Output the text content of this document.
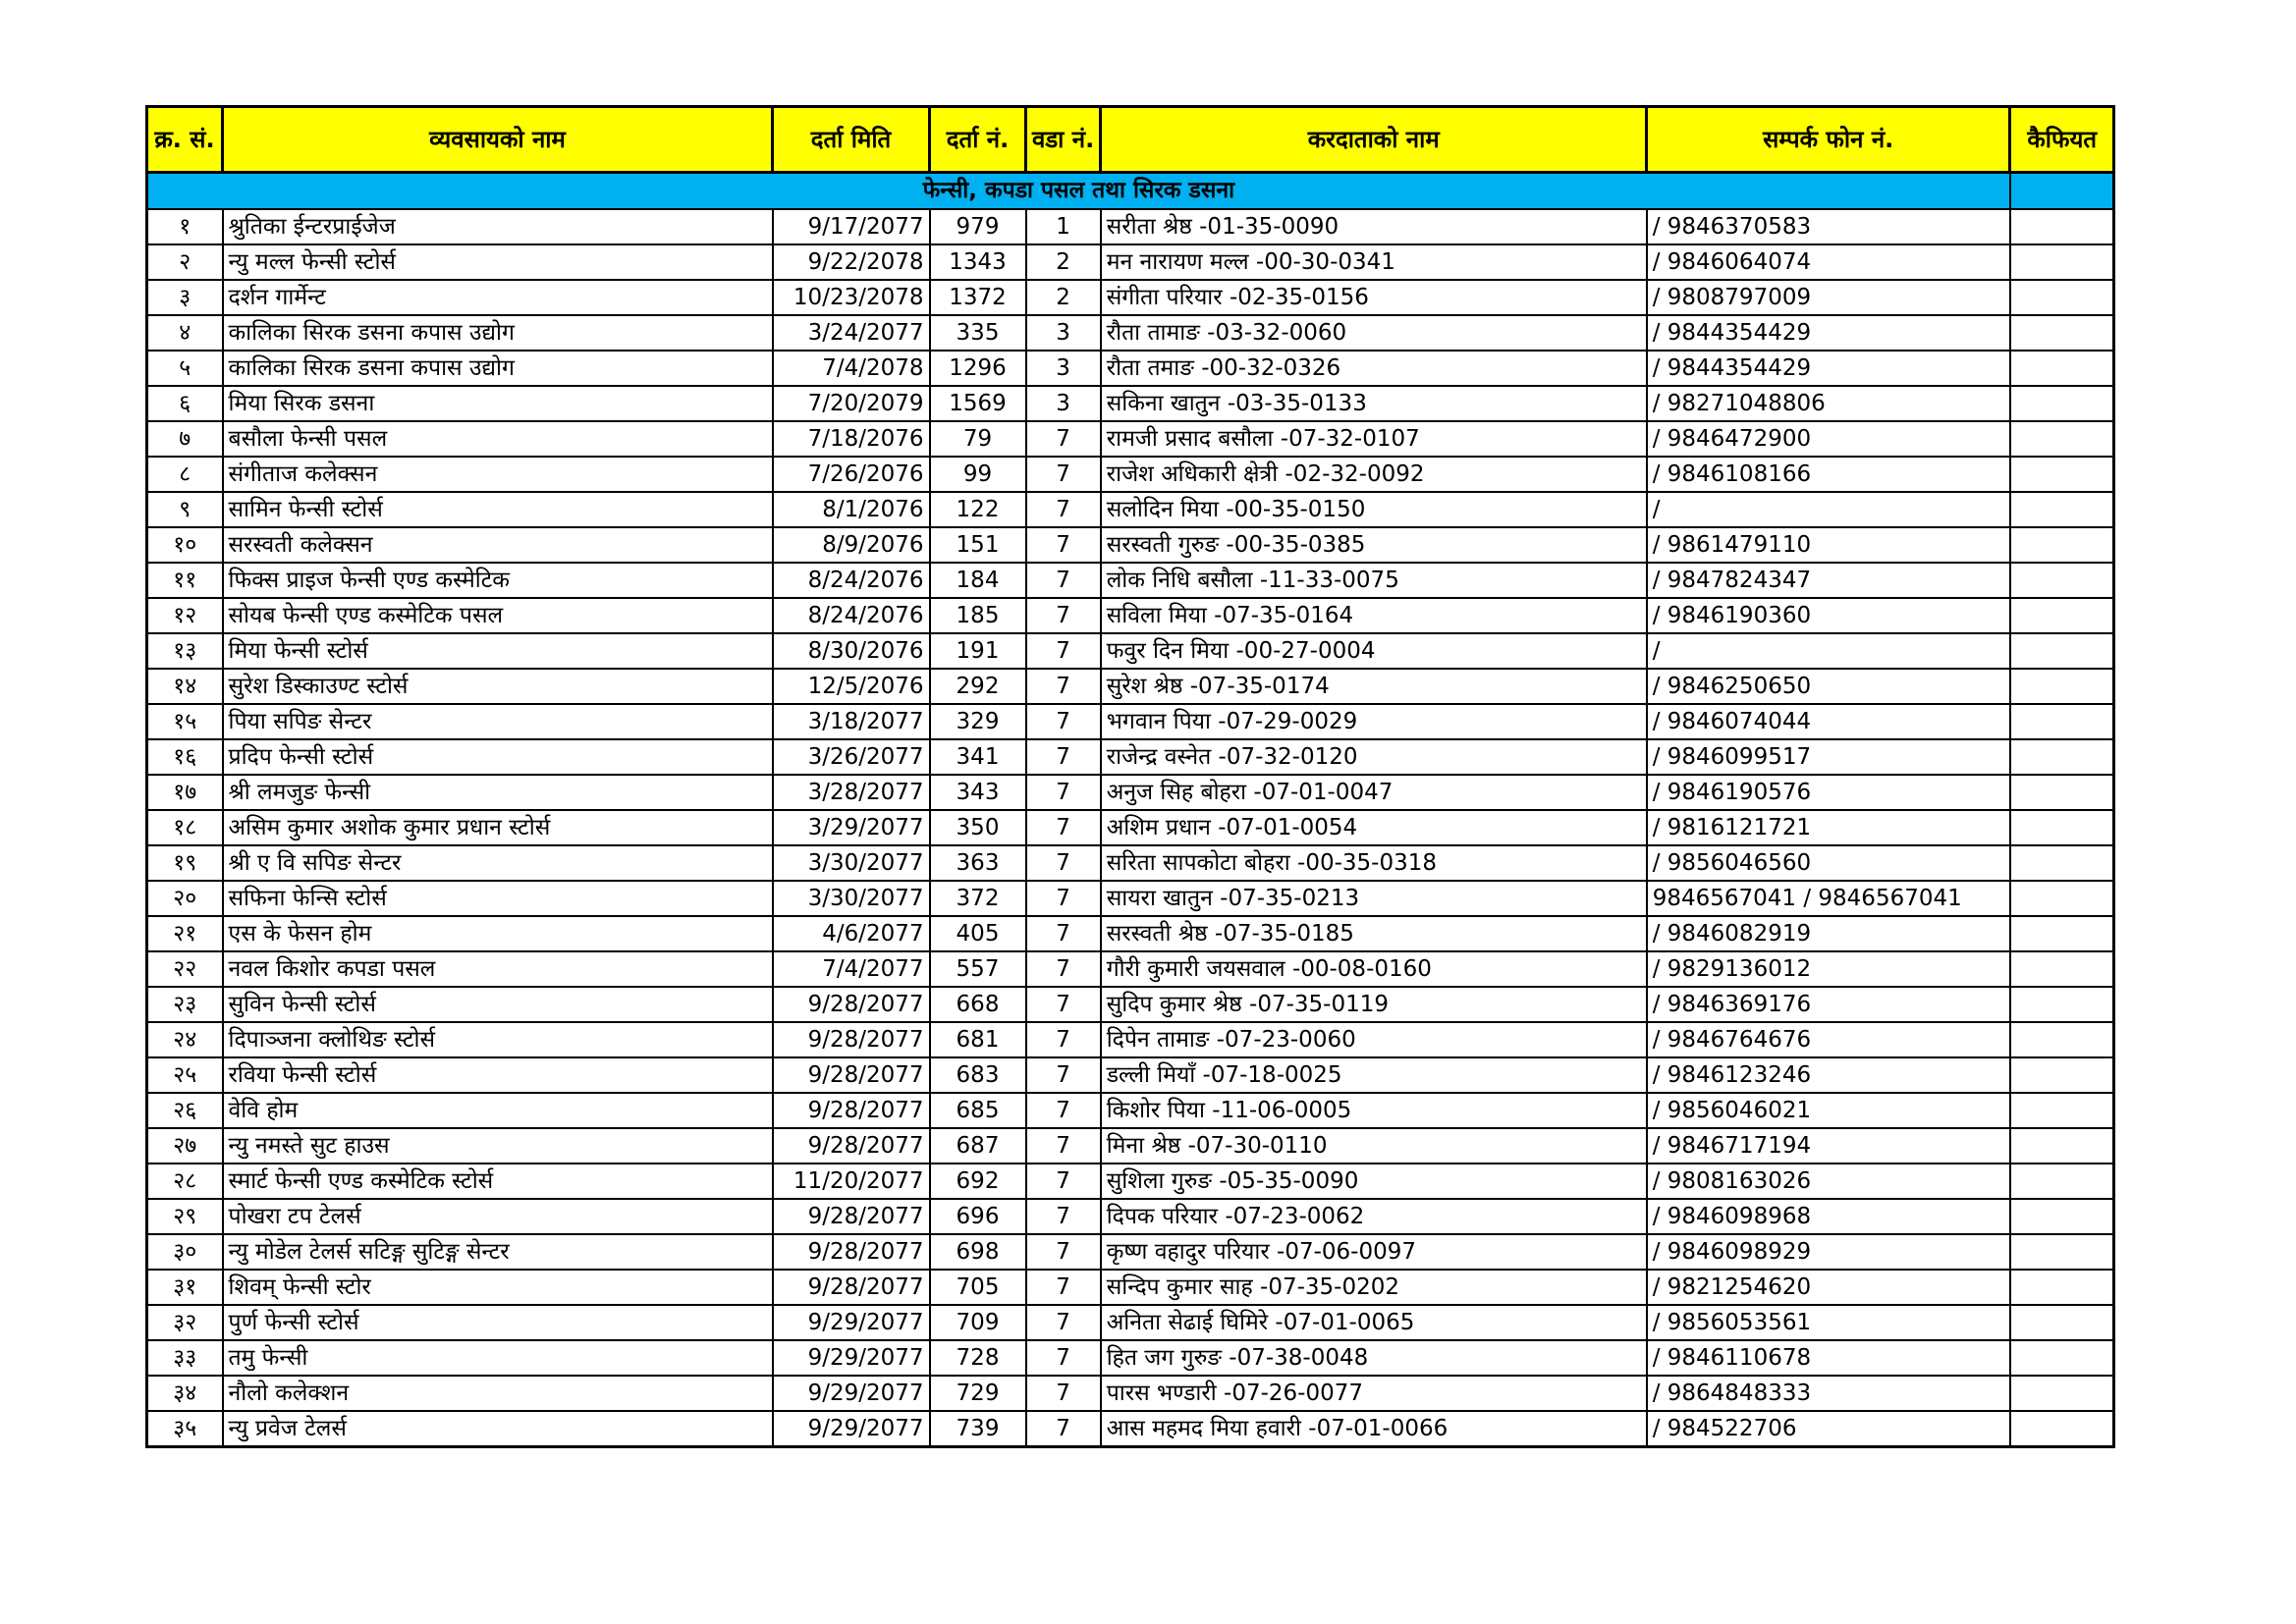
क्र. सं.	व्यवसायको नाम	दर्ता मिति	दर्ता नं.	वडा नं.	करदाताको नाम	सम्पर्क फोन नं.	कैफियत
फेन्सी, कपडा पसल तथा सिरक डसना							
१	श्रुतिका ईन्टरप्राईजेज	9/17/2077	979	1	सरीता श्रेष्ठ -01-35-0090	/ 9846370583	
२	न्यु मल्ल फेन्सी स्टोर्स	9/22/2078	1343	2	मन नारायण मल्ल -00-30-0341	/ 9846064074	
३	दर्शन गार्मेन्ट	10/23/2078	1372	2	संगीता परियार -02-35-0156	/ 9808797009	
४	कालिका सिरक डसना कपास उद्योग	3/24/2077	335	3	रौता तामाङ -03-32-0060	/ 9844354429	
५	कालिका सिरक डसना कपास उद्योग	7/4/2078	1296	3	रौता तमाङ -00-32-0326	/ 9844354429	
६	मिया सिरक डसना	7/20/2079	1569	3	सकिना खातुन -03-35-0133	/ 98271048806	
७	बसौला फेन्सी पसल	7/18/2076	79	7	रामजी प्रसाद बसौला -07-32-0107	/ 9846472900	
८	संगीताज कलेक्सन	7/26/2076	99	7	राजेश अधिकारी क्षेत्री -02-32-0092	/ 9846108166	
९	सामिन फेन्सी स्टोर्स	8/1/2076	122	7	सलोदिन मिया -00-35-0150	/	
१०	सरस्वती कलेक्सन	8/9/2076	151	7	सरस्वती गुरुङ -00-35-0385	/ 9861479110	
११	फिक्स प्राइज फेन्सी एण्ड कस्मेटिक	8/24/2076	184	7	लोक निधि बसौला -11-33-0075	/ 9847824347	
१२	सोयब फेन्सी एण्ड कस्मेटिक पसल	8/24/2076	185	7	सविला मिया -07-35-0164	/ 9846190360	
१३	मिया फेन्सी स्टोर्स	8/30/2076	191	7	फवुर दिन मिया -00-27-0004	/	
१४	सुरेश डिस्काउण्ट स्टोर्स	12/5/2076	292	7	सुरेश श्रेष्ठ -07-35-0174	/ 9846250650	
१५	पिया सपिङ सेन्टर	3/18/2077	329	7	भगवान पिया -07-29-0029	/ 9846074044	
१६	प्रदिप फेन्सी स्टोर्स	3/26/2077	341	7	राजेन्द्र वस्नेत -07-32-0120	/ 9846099517	
१७	श्री लमजुङ फेन्सी	3/28/2077	343	7	अनुज सिह बोहरा -07-01-0047	/ 9846190576	
१८	असिम कुमार अशोक कुमार प्रधान स्टोर्स	3/29/2077	350	7	अशिम प्रधान -07-01-0054	/ 9816121721	
१९	श्री ए वि सपिङ सेन्टर	3/30/2077	363	7	सरिता सापकोटा बोहरा -00-35-0318	/ 9856046560	
२०	सफिना फेन्सि स्टोर्स	3/30/2077	372	7	सायरा खातुन -07-35-0213	9846567041 / 9846567041	
२१	एस के फेसन होम	4/6/2077	405	7	सरस्वती श्रेष्ठ -07-35-0185	/ 9846082919	
२२	नवल किशोर कपडा पसल	7/4/2077	557	7	गौरी कुमारी जयसवाल -00-08-0160	/ 9829136012	
२३	सुविन फेन्सी स्टोर्स	9/28/2077	668	7	सुदिप कुमार श्रेष्ठ -07-35-0119	/ 9846369176	
२४	दिपाञ्जना क्लोथिङ स्टोर्स	9/28/2077	681	7	दिपेन तामाङ -07-23-0060	/ 9846764676	
२५	रविया फेन्सी स्टोर्स	9/28/2077	683	7	डल्ली मियाँ -07-18-0025	/ 9846123246	
२६	वेवि होम	9/28/2077	685	7	किशोर पिया -11-06-0005	/ 9856046021	
२७	न्यु नमस्ते सुट हाउस	9/28/2077	687	7	मिना श्रेष्ठ -07-30-0110	/ 9846717194	
२८	स्मार्ट फेन्सी एण्ड कस्मेटिक स्टोर्स	11/20/2077	692	7	सुशिला गुरुङ -05-35-0090	/ 9808163026	
२९	पोखरा टप टेलर्स	9/28/2077	696	7	दिपक परियार -07-23-0062	/ 9846098968	
३०	न्यु मोडेल टेलर्स सटिङ्ग सुटिङ्ग सेन्टर	9/28/2077	698	7	कृष्ण वहादुर परियार -07-06-0097	/ 9846098929	
३१	शिवम् फेन्सी स्टोर	9/28/2077	705	7	सन्दिप कुमार साह -07-35-0202	/ 9821254620	
३२	पुर्ण फेन्सी स्टोर्स	9/29/2077	709	7	अनिता सेढाई घिमिरे -07-01-0065	/ 9856053561	
३३	तमु फेन्सी	9/29/2077	728	7	हित जग गुरुङ -07-38-0048	/ 9846110678	
३४	नौलो कलेक्शन	9/29/2077	729	7	पारस भण्डारी -07-26-0077	/ 9864848333	
३५	न्यु प्रवेज टेलर्स	9/29/2077	739	7	आस महमद मिया हवारी -07-01-0066	/ 984522706	
